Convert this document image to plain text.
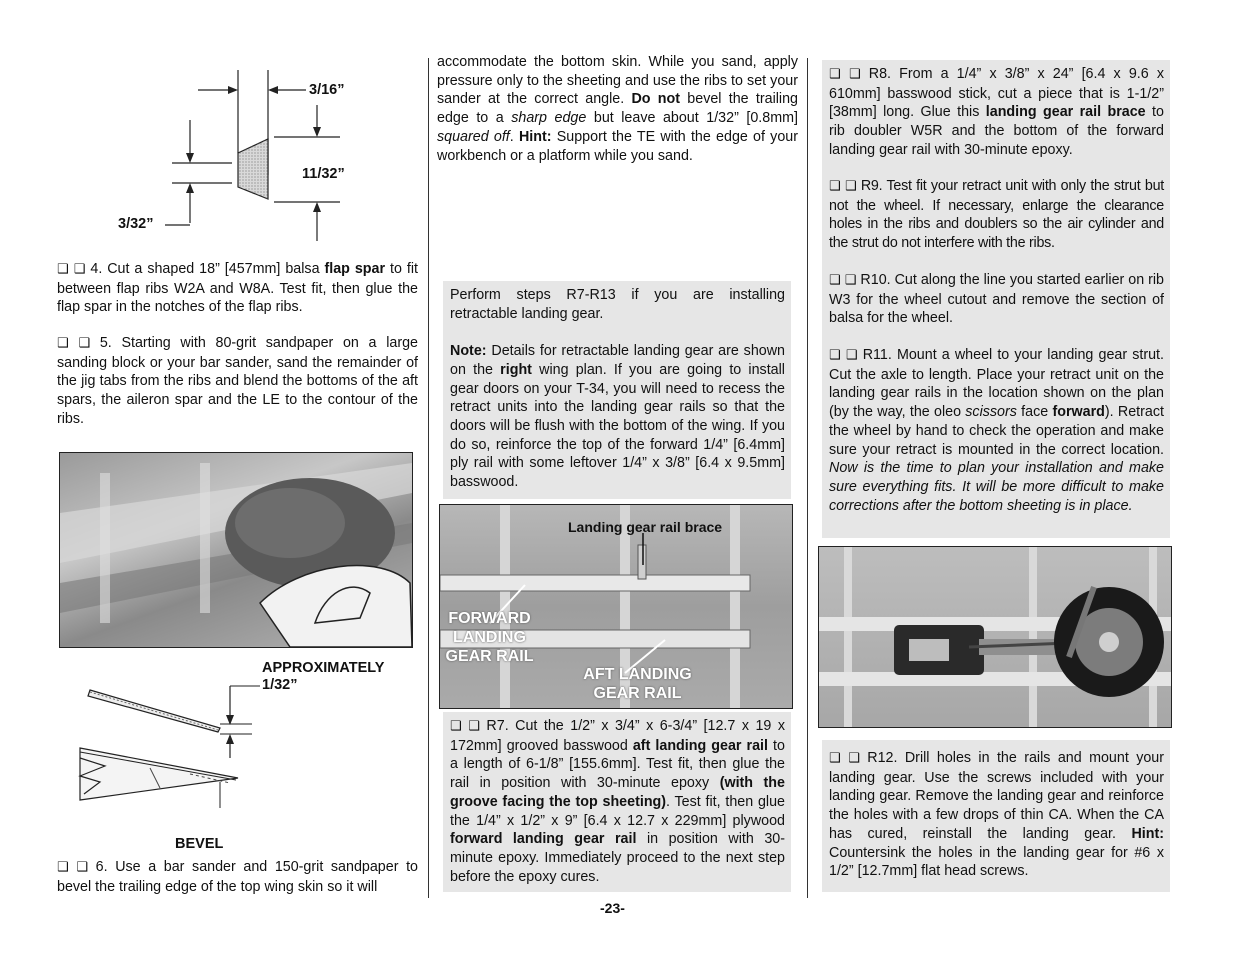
3/16”
11/32”
3/32”
❑ ❑ 4. Cut a shaped 18” [457mm] balsa flap spar to fit between flap ribs W2A and W8A. Test fit, then glue the flap spar in the notches of the flap ribs.
❑ ❑ 5. Starting with 80-grit sandpaper on a large sanding block or your bar sander, sand the remainder of the jig tabs from the ribs and blend the bottoms of the aft spars, the aileron spar and the LE to the contour of the ribs.
APPROXIMATELY
1/32”
BEVEL
❑ ❑ 6. Use a bar sander and 150-grit sandpaper to bevel the trailing edge of the top wing skin so it will
accommodate the bottom skin. While you sand, apply pressure only to the sheeting and use the ribs to set your sander at the correct angle. Do not bevel the trailing edge to a sharp edge but leave about 1/32” [0.8mm] squared off. Hint: Support the TE with the edge of your workbench or a platform while you sand.
Perform steps R7-R13 if you are installing retractable landing gear.
Note: Details for retractable landing gear are shown on the right wing plan. If you are going to install gear doors on your T-34, you will need to recess the retract units into the landing gear rails so that the doors will be flush with the bottom of the wing. If you do so, reinforce the top of the forward 1/4” [6.4mm] ply rail with some leftover 1/4” x 3/8” [6.4 x 9.5mm] basswood.
Landing gear rail brace
FORWARD LANDING GEAR RAIL
AFT LANDING GEAR RAIL
❑ ❑ R7. Cut the 1/2” x 3/4” x 6-3/4” [12.7 x 19 x 172mm] grooved basswood aft landing gear rail to a length of 6-1/8” [155.6mm]. Test fit, then glue the rail in position with 30-minute epoxy (with the groove facing the top sheeting). Test fit, then glue the 1/4” x 1/2” x 9” [6.4 x 12.7 x 229mm] plywood forward landing gear rail in position with 30- minute epoxy. Immediately proceed to the next step before the epoxy cures.
-23-
❑ ❑ R8. From a 1/4” x 3/8” x 24” [6.4 x 9.6 x 610mm] basswood stick, cut a piece that is 1-1/2” [38mm] long. Glue this landing gear rail brace to rib doubler W5R and the bottom of the forward landing gear rail with 30-minute epoxy.
❑ ❑ R9. Test fit your retract unit with only the strut but not the wheel. If necessary, enlarge the clearance holes in the ribs and doublers so the air cylinder and the strut do not interfere with the ribs.
❑ ❑ R10. Cut along the line you started earlier on rib W3 for the wheel cutout and remove the section of balsa for the wheel.
❑ ❑ R11. Mount a wheel to your landing gear strut. Cut the axle to length. Place your retract unit on the landing gear rails in the location shown on the plan (by the way, the oleo scissors face forward). Retract the wheel by hand to check the operation and make sure your retract is mounted in the correct location. Now is the time to plan your installation and make sure everything fits. It will be more difficult to make corrections after the bottom sheeting is in place.
❑ ❑ R12. Drill holes in the rails and mount your landing gear. Use the screws included with your landing gear. Remove the landing gear and reinforce the holes with a few drops of thin CA. When the CA has cured, reinstall the landing gear. Hint: Countersink the holes in the landing gear for #6 x 1/2” [12.7mm] flat head screws.
